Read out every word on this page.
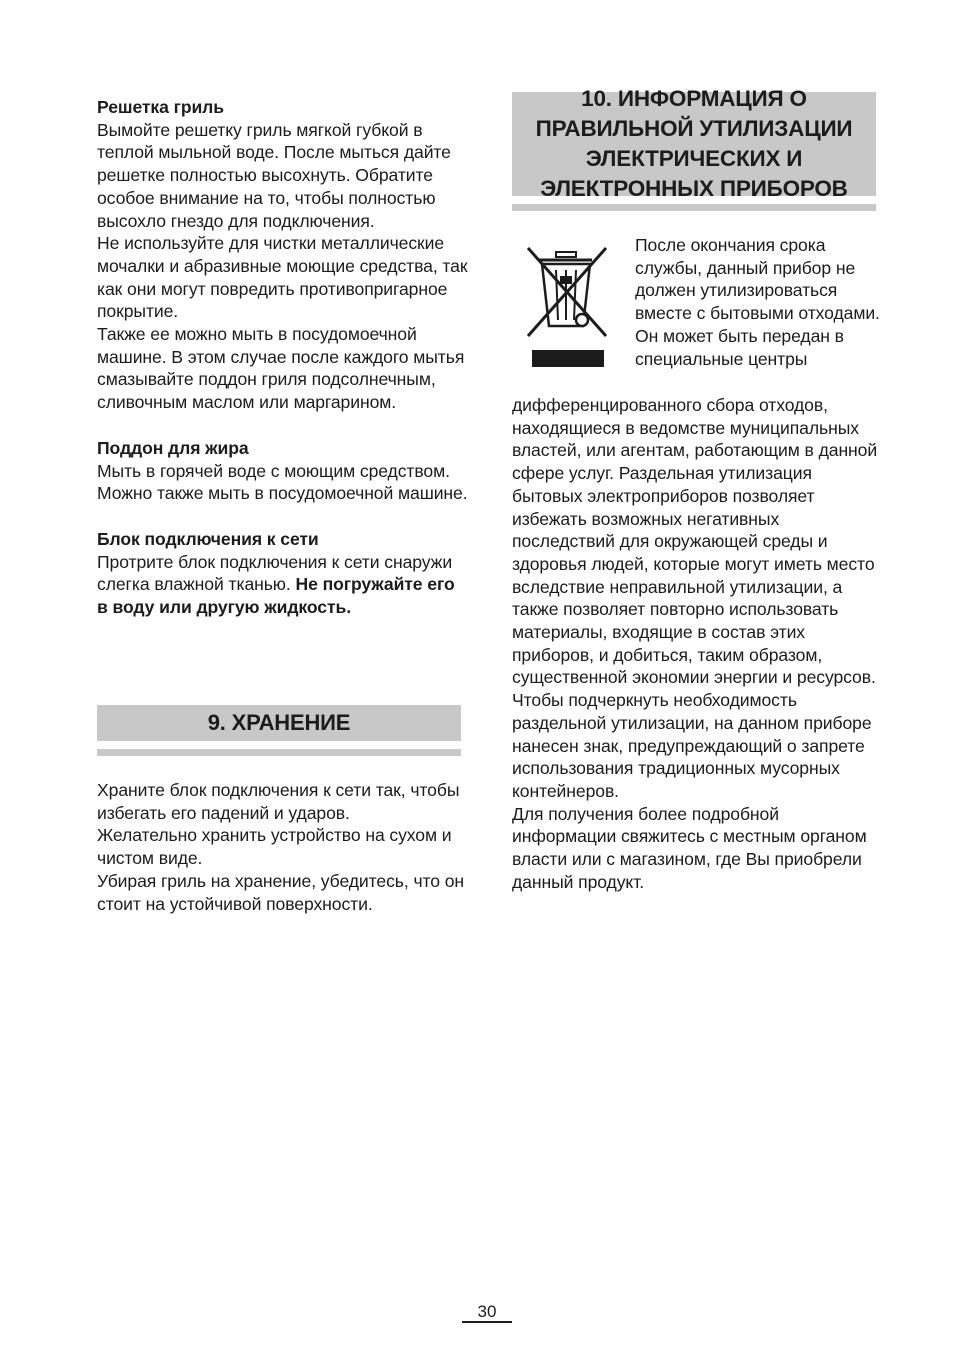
Решетка гриль

Вымойте решетку гриль мягкой губкой в теплой мыльной воде. После мыться дайте решетке полностью высохнуть. Обратите особое внимание на то, чтобы полностью высохло гнездо для подключения.

Не используйте для чистки металлические мочалки и абразивные моющие средства, так как они могут повредить противопригарное покрытие.

Также ее можно мыть в посудомоечной машине. В этом случае после каждого мытья смазывайте поддон гриля подсолнечным, сливочным маслом или маргарином.

Поддон для жира

Мыть в горячей воде с моющим средством. Можно также мыть в посудомоечной машине.

Блок подключения к сети

Протрите блок подключения к сети снаружи слегка влажной тканью. Не погружайте его в воду или другую жидкость.

9. ХРАНЕНИЕ

Храните блок подключения к сети так, чтобы избегать его падений и ударов.

Желательно хранить устройство на сухом и чистом виде.

Убирая гриль на хранение, убедитесь, что он стоит на устойчивой поверхности.

10. ИНФОРМАЦИЯ О ПРАВИЛЬНОЙ УТИЛИЗАЦИИ ЭЛЕКТРИЧЕСКИХ И ЭЛЕКТРОННЫХ ПРИБОРОВ
После окончания срока службы, данный прибор не должен утилизироваться вместе с бытовыми отходами. Он может быть передан в специальные центры

дифференцированного сбора отходов, находящиеся в ведомстве муниципальных властей, или агентам, работающим в данной сфере услуг. Раздельная утилизация бытовых электроприборов позволяет избежать возможных негативных последствий для окружающей среды и здоровья людей, которые могут иметь место вследствие неправильной утилизации, а также позволяет повторно использовать материалы, входящие в состав этих приборов, и добиться, таким образом, существенной экономии энергии и ресурсов.

Чтобы подчеркнуть необходимость раздельной утилизации, на данном приборе нанесен знак, предупреждающий о запрете использования традиционных мусорных контейнеров.

Для получения более подробной информации свяжитесь с местным органом власти или с магазином, где Вы приобрели данный продукт.

30
